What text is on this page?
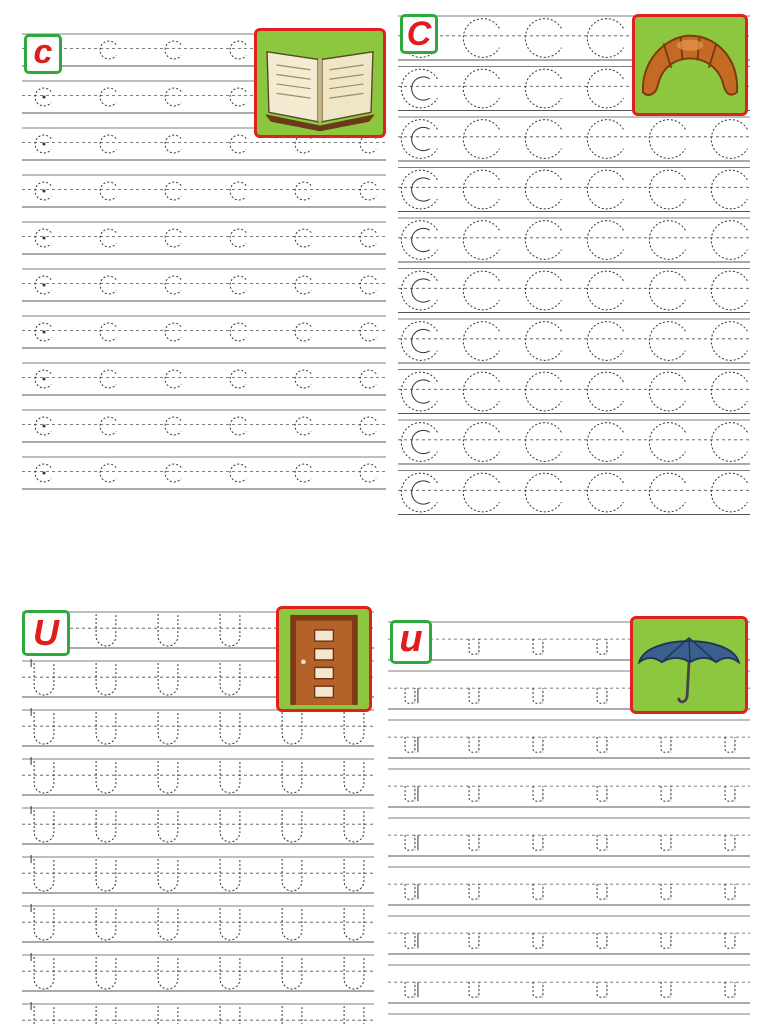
c	C
U	u
